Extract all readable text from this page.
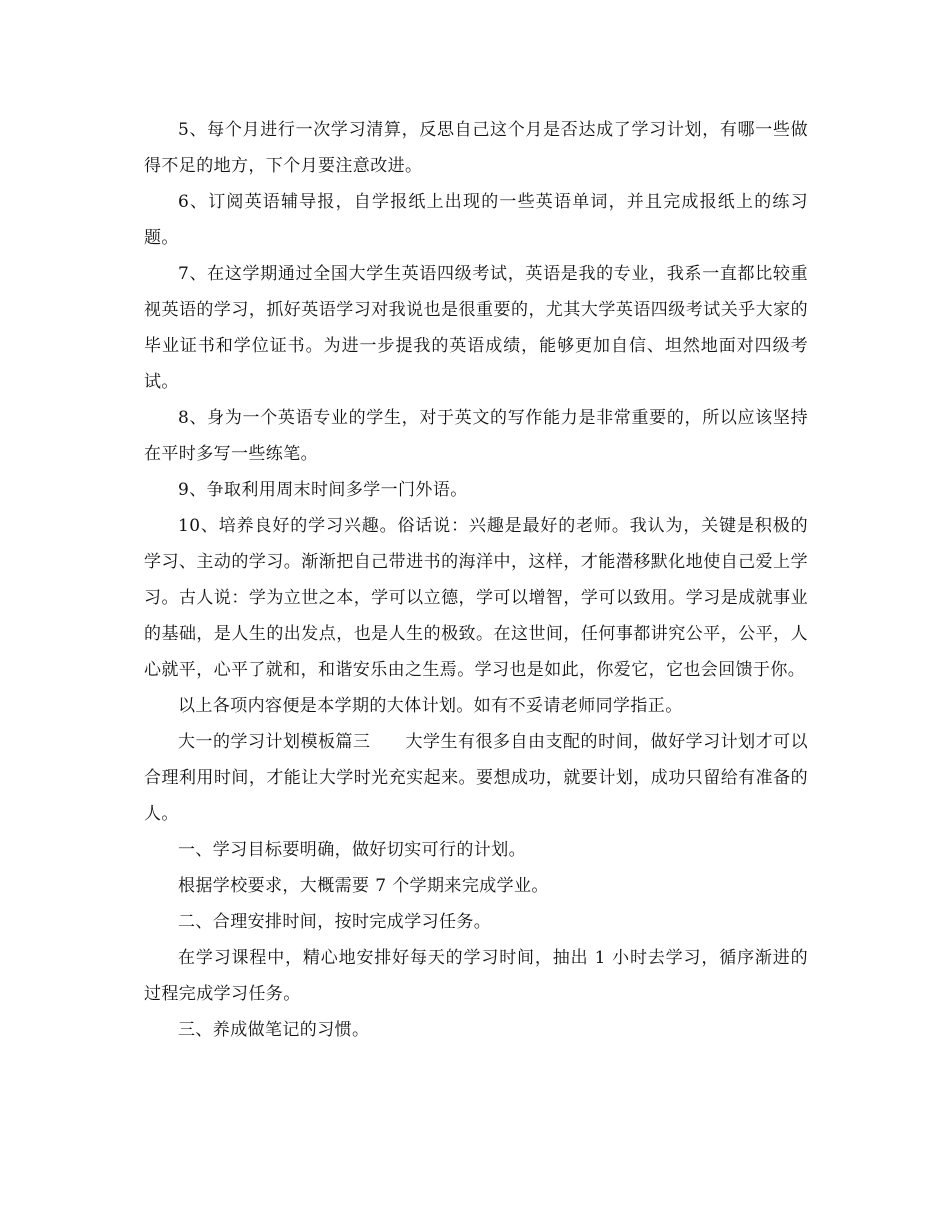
5、每个月进行一次学习清算，反思自己这个月是否达成了学习计划，有哪一些做得不足的地方，下个月要注意改进。

6、订阅英语辅导报，自学报纸上出现的一些英语单词，并且完成报纸上的练习题。

7、在这学期通过全国大学生英语四级考试，英语是我的专业，我系一直都比较重视英语的学习，抓好英语学习对我说也是很重要的，尤其大学英语四级考试关乎大家的毕业证书和学位证书。为进一步提我的英语成绩，能够更加自信、坦然地面对四级考试。

8、身为一个英语专业的学生，对于英文的写作能力是非常重要的，所以应该坚持在平时多写一些练笔。

9、争取利用周末时间多学一门外语。

10、培养良好的学习兴趣。俗话说：兴趣是最好的老师。我认为，关键是积极的学习、主动的学习。渐渐把自己带进书的海洋中，这样，才能潜移默化地使自己爱上学习。古人说：学为立世之本，学可以立德，学可以增智，学可以致用。学习是成就事业的基础，是人生的出发点，也是人生的极致。在这世间，任何事都讲究公平，公平，人心就平，心平了就和，和谐安乐由之生焉。学习也是如此，你爱它，它也会回馈于你。

以上各项内容便是本学期的大体计划。如有不妥请老师同学指正。

大一的学习计划模板篇三　　大学生有很多自由支配的时间，做好学习计划才可以合理利用时间，才能让大学时光充实起来。要想成功，就要计划，成功只留给有准备的人。

一、学习目标要明确，做好切实可行的计划。

根据学校要求，大概需要 7 个学期来完成学业。

二、合理安排时间，按时完成学习任务。

在学习课程中，精心地安排好每天的学习时间，抽出 1 小时去学习，循序渐进的过程完成学习任务。

三、养成做笔记的习惯。
